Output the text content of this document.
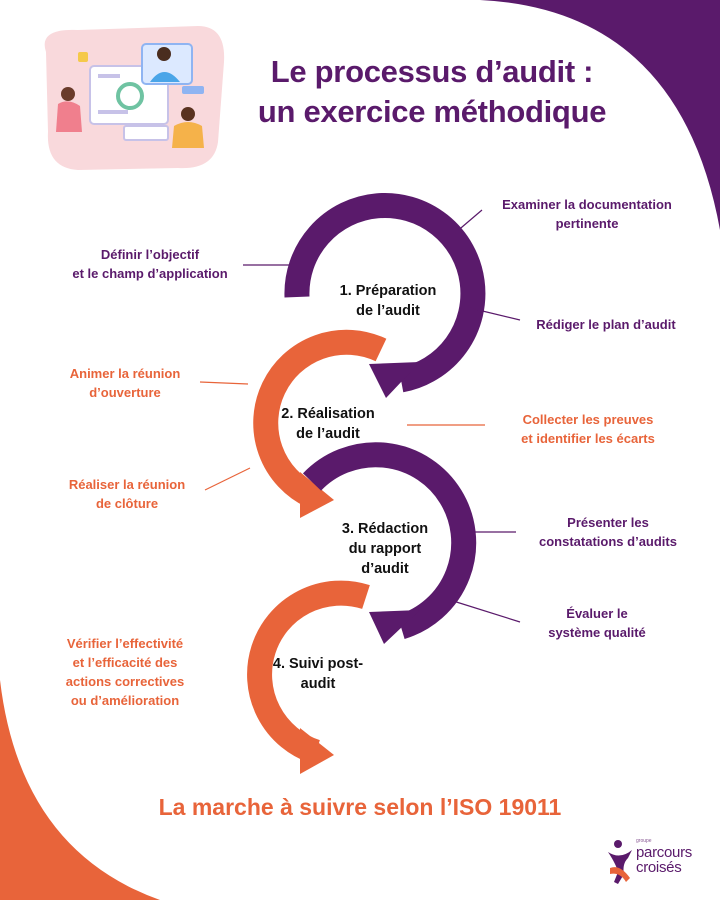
Le processus d’audit :
un exercice méthodique
1. Préparation
de l’audit
2. Réalisation
de l’audit
3. Rédaction
du rapport
d’audit
4. Suivi post-
audit
Définir l’objectif
et le champ d’application
Examiner la documentation
pertinente
Rédiger le plan d’audit
Animer la réunion
d’ouverture
Collecter les preuves
et identifier les écarts
Réaliser la réunion
de clôture
Présenter les
constatations d’audits
Évaluer le
système qualité
Vérifier l’effectivité
et l’efficacité des
actions correctives
ou d’amélioration
La marche à suivre selon l’ISO 19011
groupe
parcours
croisés
